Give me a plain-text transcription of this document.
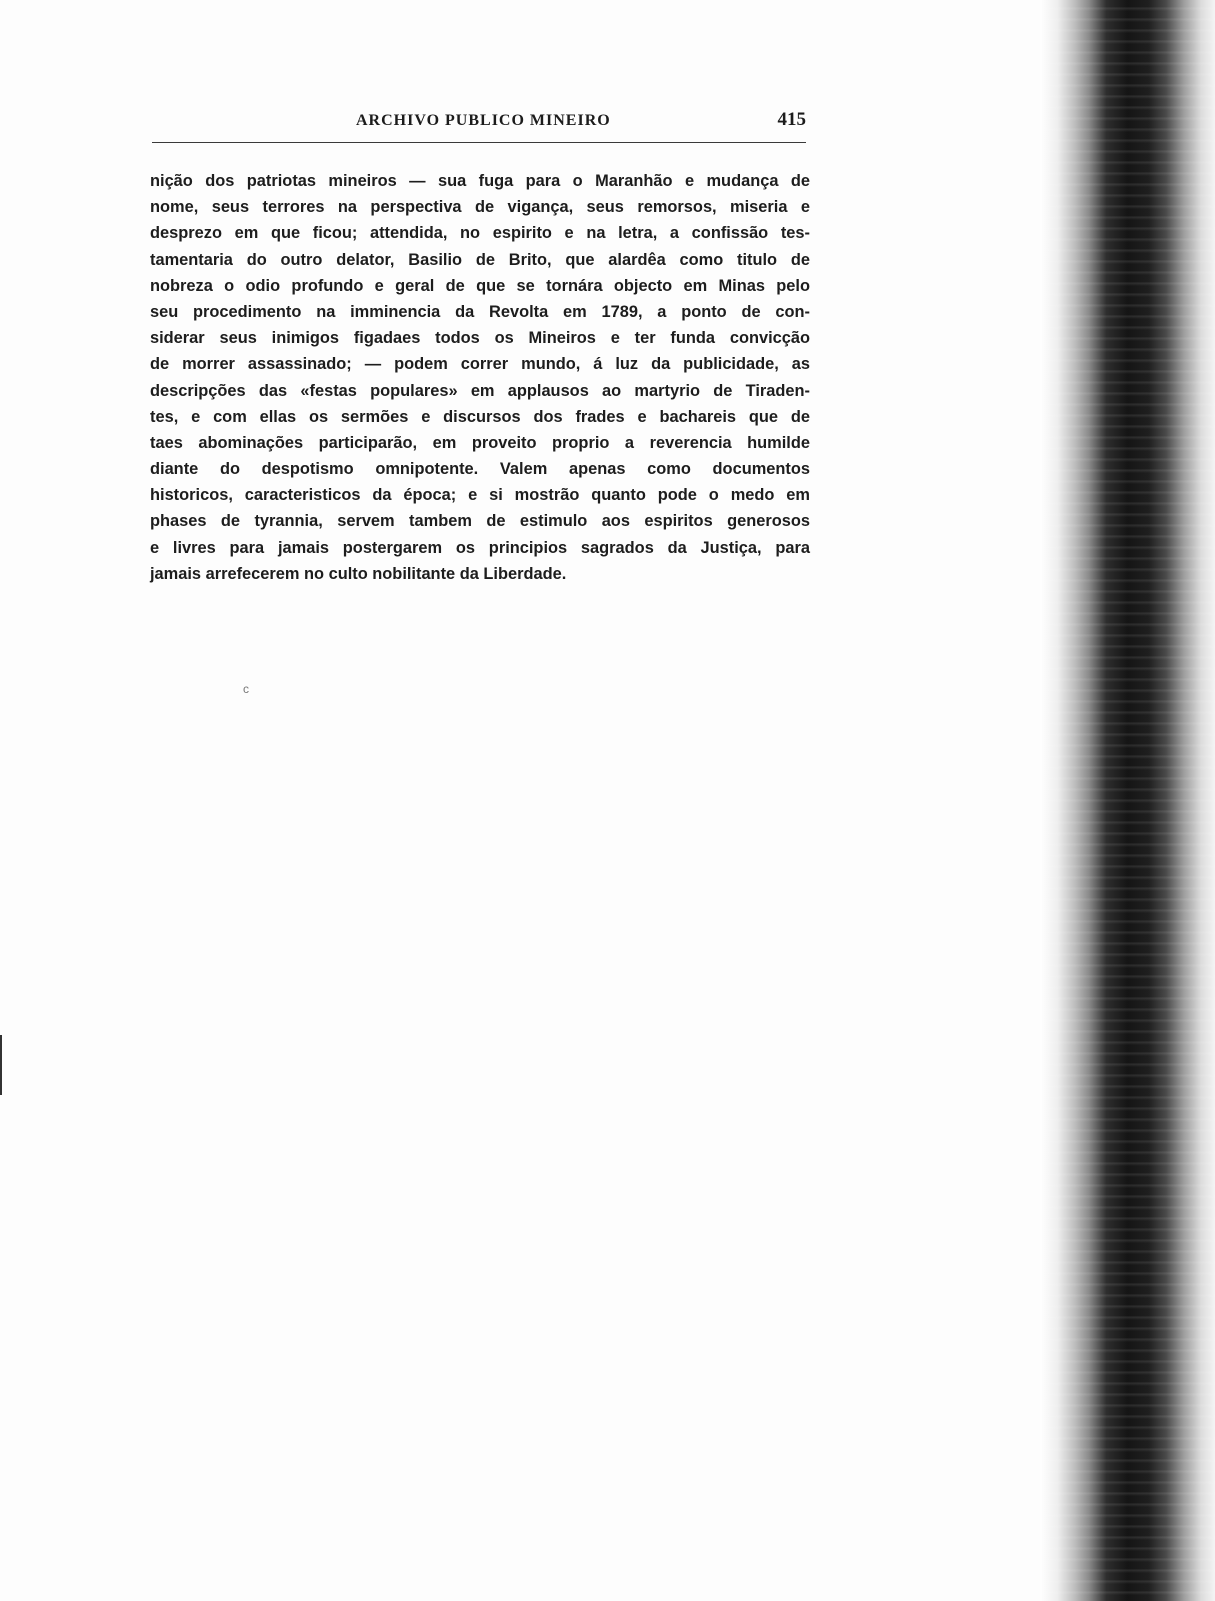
ARCHIVO PUBLICO MINEIRO	415
nição dos patriotas mineiros — sua fuga para o Maranhão e mudança de
nome, seus terrores na perspectiva de vigança, seus remorsos, miseria e
desprezo em que ficou; attendida, no espirito e na letra, a confissão tes-
tamentaria do outro delator, Basilio de Brito, que alardêa como titulo de
nobreza o odio profundo e geral de que se tornára objecto em Minas pelo
seu procedimento na imminencia da Revolta em 1789, a ponto de con-
siderar seus inimigos figadaes todos os Mineiros e ter funda convicção
de morrer assassinado; — podem correr mundo, á luz da publicidade, as
descripções das «festas populares» em applausos ao martyrio de Tiraden-
tes, e com ellas os sermões e discursos dos frades e bachareis que de
taes abominações participarão, em proveito proprio a reverencia humilde
diante do despotismo omnipotente. Valem apenas como documentos
historicos, caracteristicos da época; e si mostrão quanto pode o medo em
phases de tyrannia, servem tambem de estimulo aos espiritos generosos
e livres para jamais postergarem os principios sagrados da Justiça, para
jamais arrefecerem no culto nobilitante da Liberdade.
c
